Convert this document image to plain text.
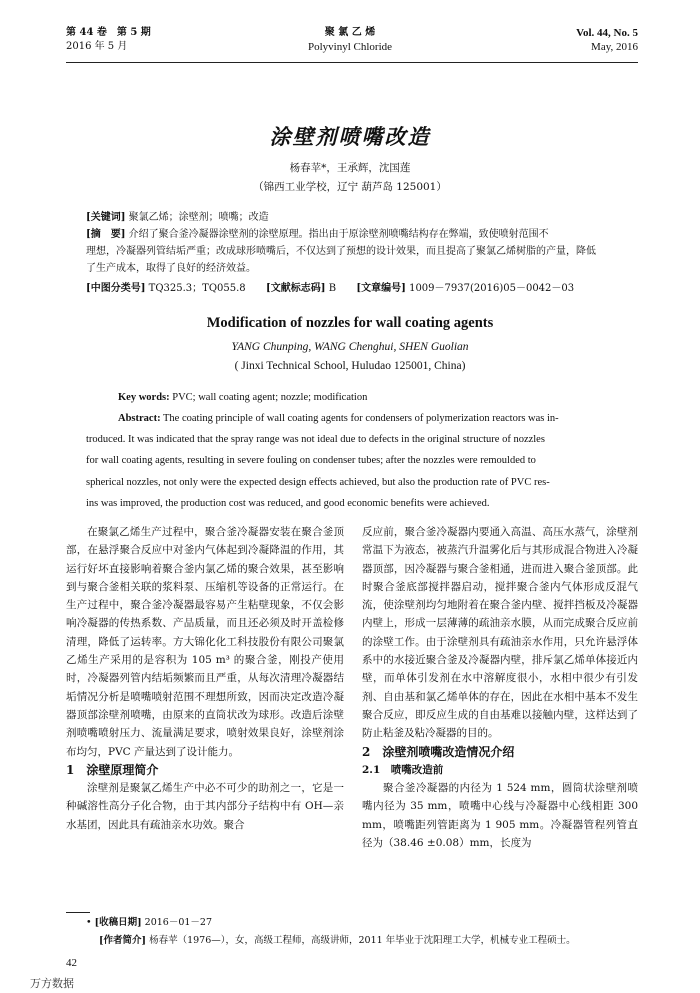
第 44 卷　第 5 期
2016 年 5 月
聚 氯 乙 烯
Polyvinyl Chloride
Vol. 44, No. 5
May, 2016
涂壁剂喷嘴改造
杨春苹*，王承辉，沈国莲
（锦西工业学校，辽宁 葫芦岛 125001）
[关键词] 聚氯乙烯；涂壁剂；喷嘴；改造
[摘　要] 介绍了聚合釜冷凝器涂壁剂的涂壁原理。指出由于原涂壁剂喷嘴结构存在弊端，致使喷射范围不
理想，冷凝器列管结垢严重；改成球形喷嘴后，不仅达到了预想的设计效果，而且提高了聚氯乙烯树脂的产量，降低
了生产成本，取得了良好的经济效益。
[中图分类号] TQ325.3；TQ055.8 [文献标志码] B [文章编号] 1009－7937(2016)05－0042－03
Modification of nozzles for wall coating agents
YANG Chunping, WANG Chenghui, SHEN Guolian
( Jinxi Technical School, Huludao 125001, China)
Key words: PVC; wall coating agent; nozzle; modification
Abstract: The coating principle of wall coating agents for condensers of polymerization reactors was in-
troduced. It was indicated that the spray range was not ideal due to defects in the original structure of nozzles
for wall coating agents, resulting in severe fouling on condenser tubes; after the nozzles were remoulded to
spherical nozzles, not only were the expected design effects achieved, but also the production rate of PVC res-
ins was improved, the production cost was reduced, and good economic benefits were achieved.

在聚氯乙烯生产过程中，聚合釜冷凝器安装在聚合釜顶部，在悬浮聚合反应中对釜内气体起到冷凝降温的作用，其运行好坏直接影响着聚合釜内氯乙烯的聚合效果，甚至影响到与聚合釜相关联的浆料泵、压缩机等设备的正常运行。在生产过程中，聚合釜冷凝器最容易产生粘壁现象，不仅会影响冷凝器的传热系数、产品质量，而且还必须及时开盖检修清理，降低了运转率。方大锦化化工科技股份有限公司聚氯乙烯生产采用的是容积为 105 m³ 的聚合釜，刚投产使用时，冷凝器列管内结垢频繁而且严重，从每次清理冷凝器结垢情况分析是喷嘴喷射范围不理想所致，因而决定改造冷凝器顶部涂壁剂喷嘴，由原来的直筒状改为球形。改造后涂壁剂喷嘴喷射压力、流量满足要求，喷射效果良好，涂壁剂涂布均匀，PVC 产量达到了设计能力。

1　涂壁原理简介

涂壁剂是聚氯乙烯生产中必不可少的助剂之一，它是一种碱溶性高分子化合物，由于其内部分子结构中有 OH—亲水基团，因此具有疏油亲水功效。聚合

反应前，聚合釜冷凝器内要通入高温、高压水蒸气，涂壁剂常温下为液态，被蒸汽升温雾化后与其形成混合物进入冷凝器顶部，因冷凝器与聚合釜相通，进而进入聚合釜顶部。此时聚合釜底部搅拌器启动，搅拌聚合釜内气体形成反混气流，使涂壁剂均匀地附着在聚合釜内壁、搅拌挡板及冷凝器内壁上，形成一层薄薄的疏油亲水膜，从而完成聚合反应前的涂壁工作。由于涂壁剂具有疏油亲水作用，只允许悬浮体系中的水接近聚合釜及冷凝器内壁，排斥氯乙烯单体接近内壁，而单体引发剂在水中溶解度很小，水相中很少有引发剂、自由基和氯乙烯单体的存在，因此在水相中基本不发生聚合反应，即反应生成的自由基难以接触内壁，这样达到了防止粘釜及粘冷凝器的目的。

2　涂壁剂喷嘴改造情况介绍

2.1　喷嘴改造前

聚合釜冷凝器的内径为 1 524 mm，圆筒状涂壁剂喷嘴内径为 35 mm，喷嘴中心线与冷凝器中心线相距 300 mm，喷嘴距列管距离为 1 905 mm。冷凝器管程列管直径为（38.46 ±0.08）mm，长度为

• [收稿日期] 2016－01－27
[作者简介] 杨春苹（1976—），女，高级工程师，高级讲师，2011 年毕业于沈阳理工大学，机械专业工程硕士。
42
万方数据
